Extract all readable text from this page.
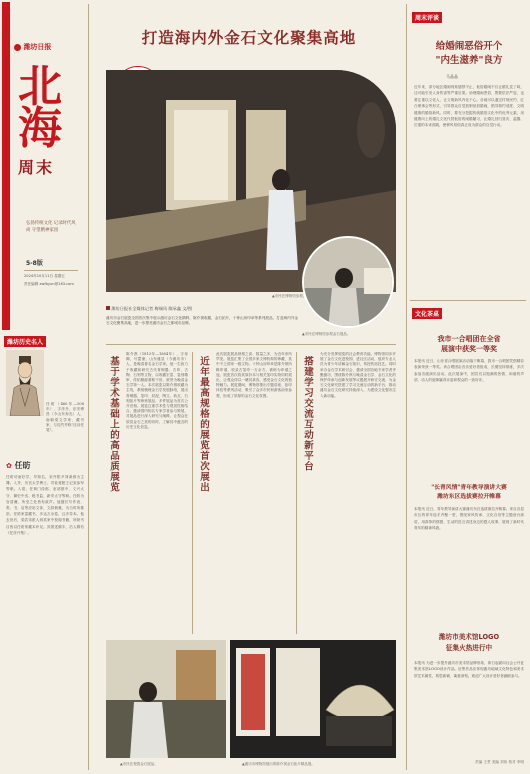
潍坊日报
北
海
周末
弘扬传统文化 记录时代风尚 守望精神家园
5-8版
2024年10月11日 星期五
责任编辑 zwfbyun@163.com
潍坊历史名人
任昉（460年—508年），字彦升，乐安博昌（今山东寿光）人，南朝梁文学家、藏书家，与沈约并称"沈诗任笔"。
✿ 任昉
任昉幼而好学，早知名，宋丹阳尹刘秉辟为主簿。入齐，历官太学博士、司徒竟陵王记室参军等职。入梁，任黄门侍郎、吏部郎中、义兴太守、御史中丞、秘书监、新安太守等职。任昉为官清廉，所至之处皆有政声。他擅长写作表、奏、书、启等应用文体，文辞典雅，为当时所推崇。任昉家富藏书，多达万余卷，且多异本。他去世后，梁武帝派人到其家中校阅书籍，所缺书目皆以任昉家藏本补足。其著述颇丰，后人辑有《任彦升集》。
打造海内外金石文化聚集高地
▲市民在博物馆参观。
▲市民在博物馆参观金石展品。
潍坊日报社全媒体记者 梅瑞凤 隋承鑫 文/图
潍坊市金石展览全国首次集中展示潍坊金石文化精粹，陈介祺收藏，金石拓片，十钟山房印举等系列展品，打造海内外金石文化聚集高地，进一步擦亮潍坊金石之都城市品牌。
基于学术基础上的高品质展览
陈介祺（1813年—1884年），字寿卿，号簠斋，山东潍县（今潍坊市）人，是晚清著名金石学家。他一生致力于收藏和研究古代青铜器、古印、古陶、石刻等文物，以收藏宏富、鉴别精审、传拓精湛著称于世，被誉为晚清金石学第一人。本次展览以陈介祺收藏为主线，系统梳理金石学发展脉络，展出青铜器、玺印、封泥、陶文、砖瓦、石刻拓片等珍贵展品，多件展品为首次公开亮相。展览注重学术性与观赏性相结合，邀请国内知名专家学者参与策展，对展品进行深入研究与阐释，让观众在欣赏金石之美的同时，了解其中蕴含的历史文化信息。	近年最高规格的展览首次展出
此次展览展品规格之高、数量之多，为近年来所罕见。展览汇集了全国多家文博机构的珍藏，其中不乏国家一级文物。十钟山房印举是陈介祺所辑印谱，收录古玺印一万余方，被称为印谱之冠。展览首次将其原钤本与相关玺印实物同时展出，让观众得以一睹其真容，感受金石文化的独特魅力。展览期间，博物馆推出专题讲座、拓印体验等系列活动，吸引了众多市民和游客前来参观，形成了浓厚的金石文化氛围。	搭建学习交流互动新平台
为充分发挥展览的社会教育功能，博物馆同步开展了金石文化进校园、进社区活动，组织专业人员为青少年讲解金石知识，传授传拓技艺。同时举办金石学术研讨会，邀请全国各地专家学者齐聚潍坊，围绕陈介祺与晚清金石学、金石文化的保护传承与创新发展等议题展开研讨交流，为金石文化研究搭建了学习交流互动的新平台，推动潍坊金石文化研究持续深入，为建设文化强市注入新动能。
▲市民在观看金石展品。	▲潍坊市博物馆展出的陈介祺金石拓片精品展。
周末评谈
给婚闹恶俗开个
"内生滋养"良方
马晶晶
近年来，部分地区婚闹现象屡禁不止，低俗婚闹不仅让婚礼变了味，还可能引发人身伤害等严重后果。治理婚闹恶俗，既要依法严惩，也要注重以文化人，让文明新风内化于心。各地可以通过村规民约、红白理事会等形式，引导群众自觉抵制低俗婚闹，倡导简约适度、文明健康的婚俗新风。同时，要充分挖掘传统婚俗文化中的优秀元素，用健康向上的婚礼文化代替低俗的闹婚陋习，让婚礼回归喜庆、温馨、庄重的本来面貌，使移风易俗真正成为群众的自觉行动。
文化茶桌
我市一合唱团在全省
展演中获奖一等奖
本报讯 近日，山东省合唱展演活动落下帷幕，我市一合唱团凭借精彩表演荣获一等奖。该合唱团由音乐爱好者组成，长期坚持排练，多次参加各级演出活动。此次展演中，团员们以饱满的热情、和谐的声部、动人的旋律赢得评委和观众的一致好评。
"长青风情"青年教导演讲大赛
潍坊东区选拔赛拉开帷幕
本报讯 近日，青年教导演讲大赛潍坊东区选拔赛拉开帷幕。来自各县市区的青年选手齐聚一堂，围绕家风传承、文化自信等主题登台演讲，用真挚的情感、生动的语言讲述身边的感人故事，展现了新时代青年的精神风貌。
潍坊市美术馆LOGO
征集火热进行中
本报讯 为进一步提升潍坊市美术馆品牌形象，即日起面向社会公开征集美术馆LOGO设计作品。征集作品应体现潍坊地域文化特色和美术馆艺术属性，构思新颖，寓意深刻。欢迎广大设计爱好者踊跃参与。
责编 王哲 美编 刘伟 校对 李明
